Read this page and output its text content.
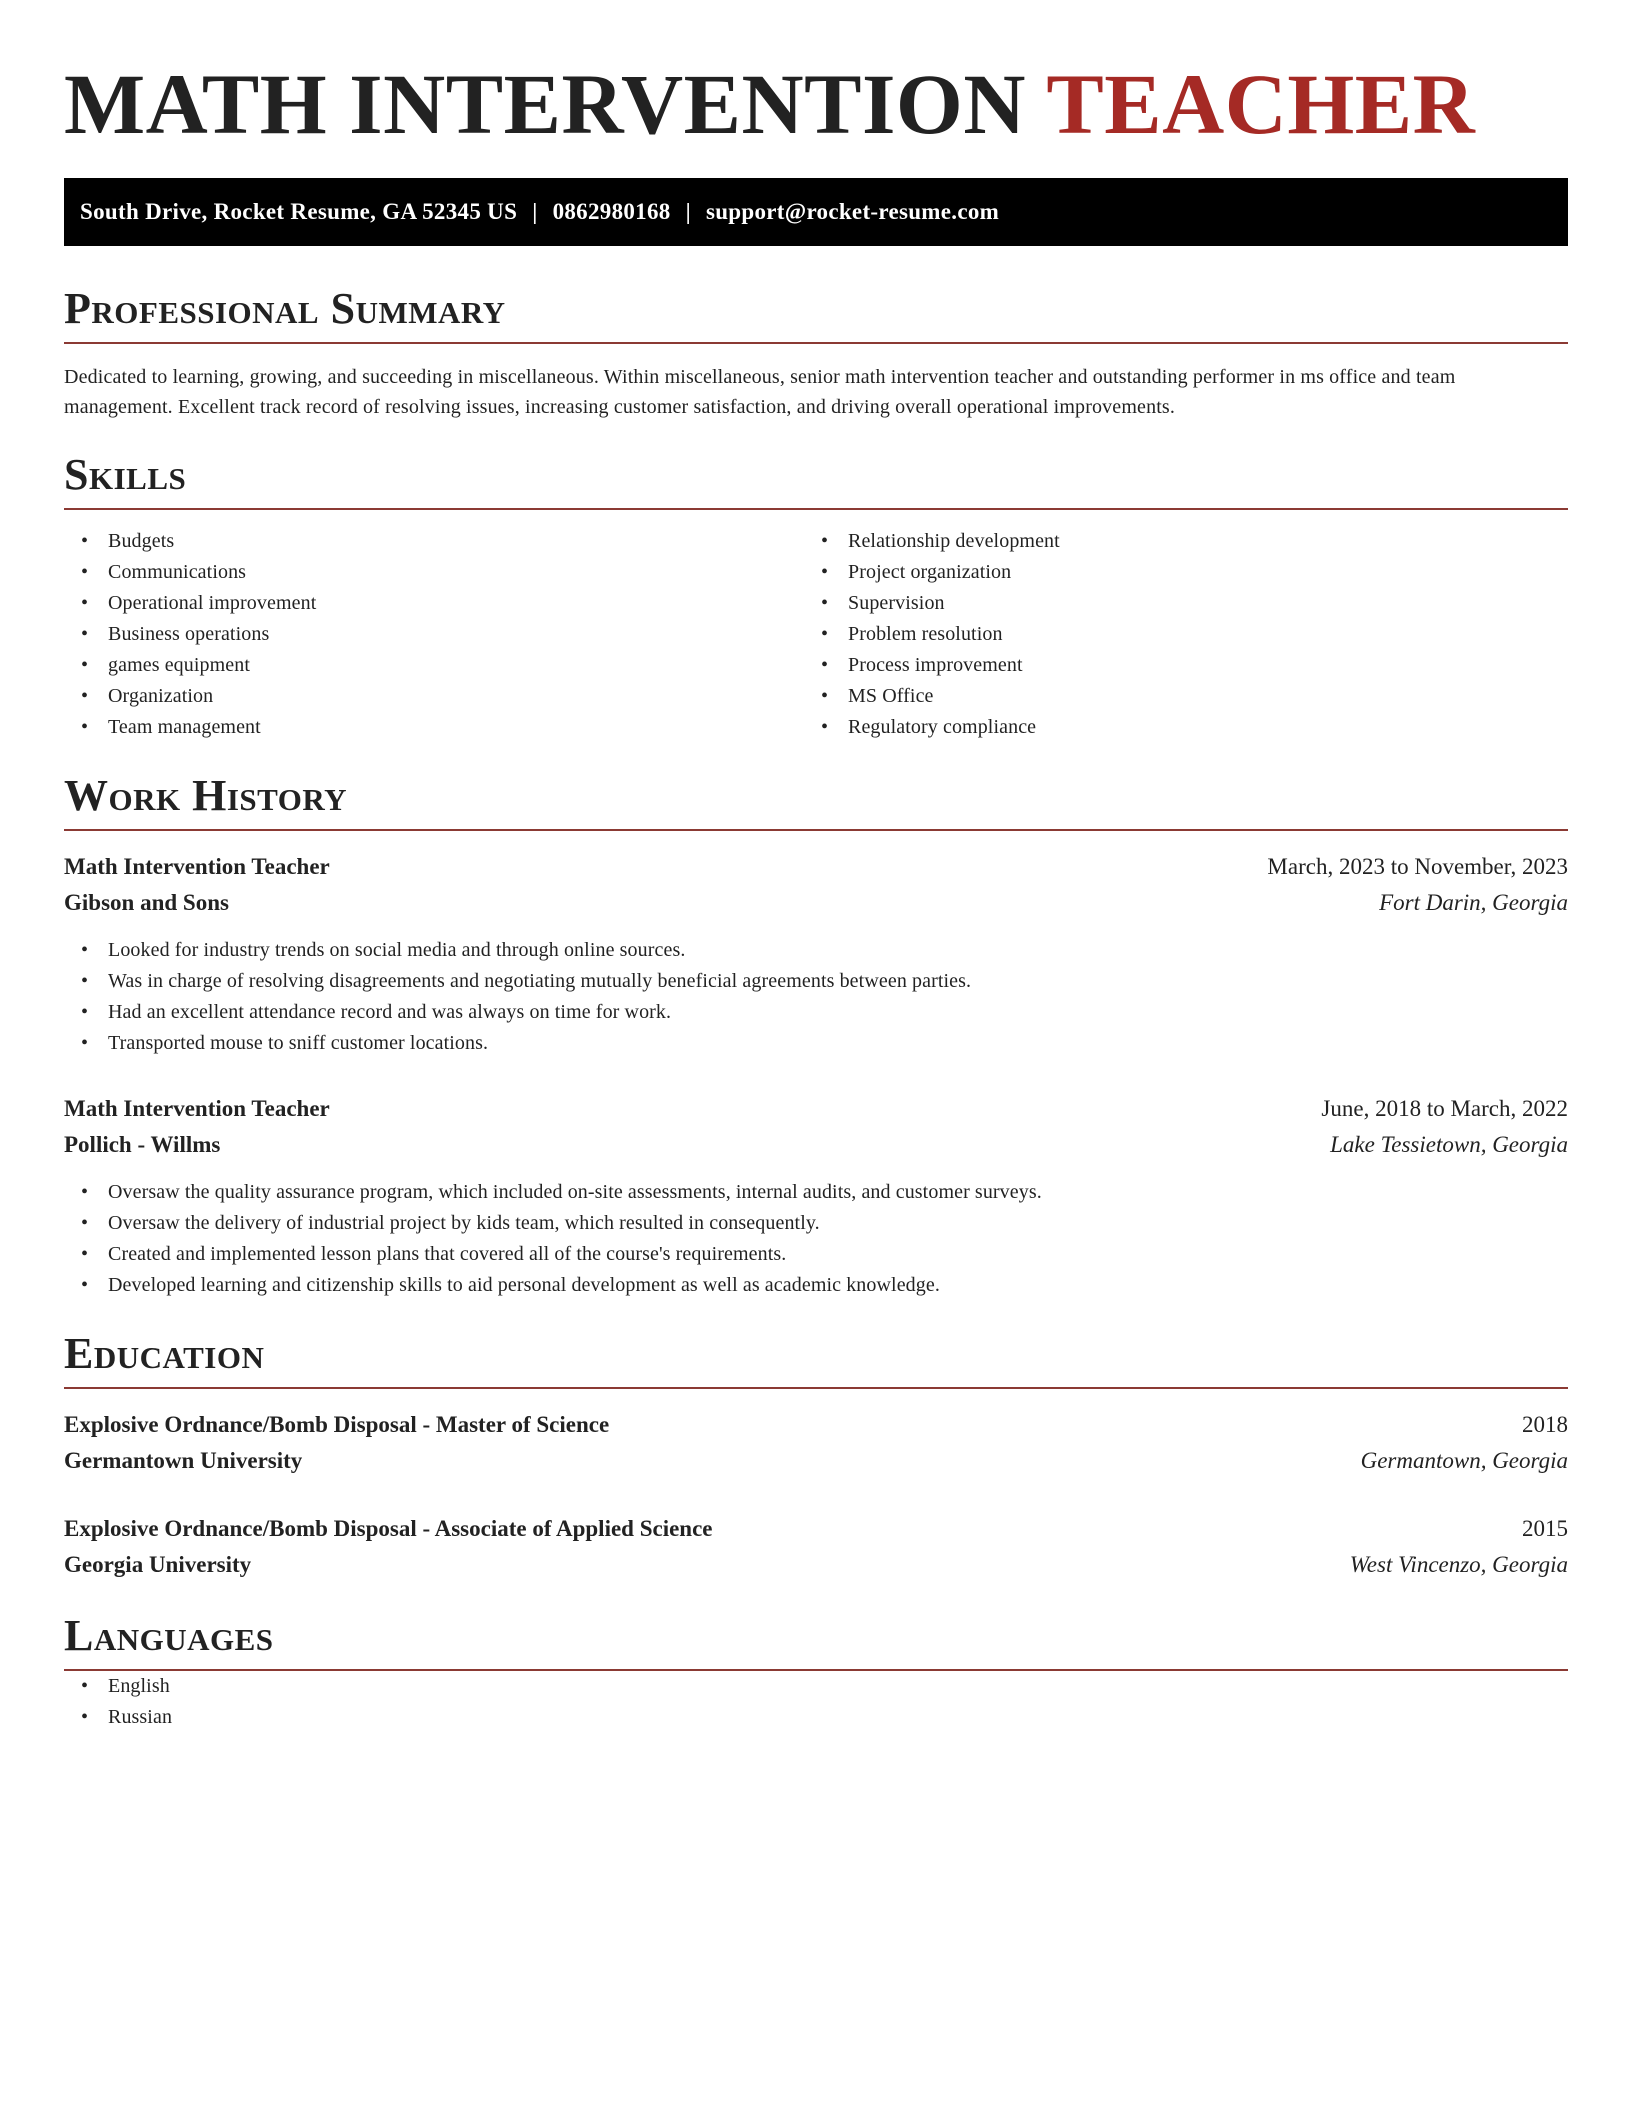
MATH INTERVENTION TEACHER
South Drive, Rocket Resume, GA 52345 US | 0862980168 | support@rocket-resume.com
Professional Summary

Dedicated to learning, growing, and succeeding in miscellaneous. Within miscellaneous, senior math intervention teacher and outstanding performer in ms office and team management. Excellent track record of resolving issues, increasing customer satisfaction, and driving overall operational improvements.

Skills
• Budgets
• Communications
• Operational improvement
• Business operations
• games equipment
• Organization
• Team management
• Relationship development
• Project organization
• Supervision
• Problem resolution
• Process improvement
• MS Office
• Regulatory compliance
Work History
Math Intervention Teacher	March, 2023 to November, 2023
Gibson and Sons	Fort Darin, Georgia
• Looked for industry trends on social media and through online sources.
• Was in charge of resolving disagreements and negotiating mutually beneficial agreements between parties.
• Had an excellent attendance record and was always on time for work.
• Transported mouse to sniff customer locations.
Math Intervention Teacher	June, 2018 to March, 2022
Pollich - Willms	Lake Tessietown, Georgia
• Oversaw the quality assurance program, which included on-site assessments, internal audits, and customer surveys.
• Oversaw the delivery of industrial project by kids team, which resulted in consequently.
• Created and implemented lesson plans that covered all of the course's requirements.
• Developed learning and citizenship skills to aid personal development as well as academic knowledge.
Education
Explosive Ordnance/Bomb Disposal - Master of Science	2018
Germantown University	Germantown, Georgia
Explosive Ordnance/Bomb Disposal - Associate of Applied Science	2015
Georgia University	West Vincenzo, Georgia
Languages
• English
• Russian
